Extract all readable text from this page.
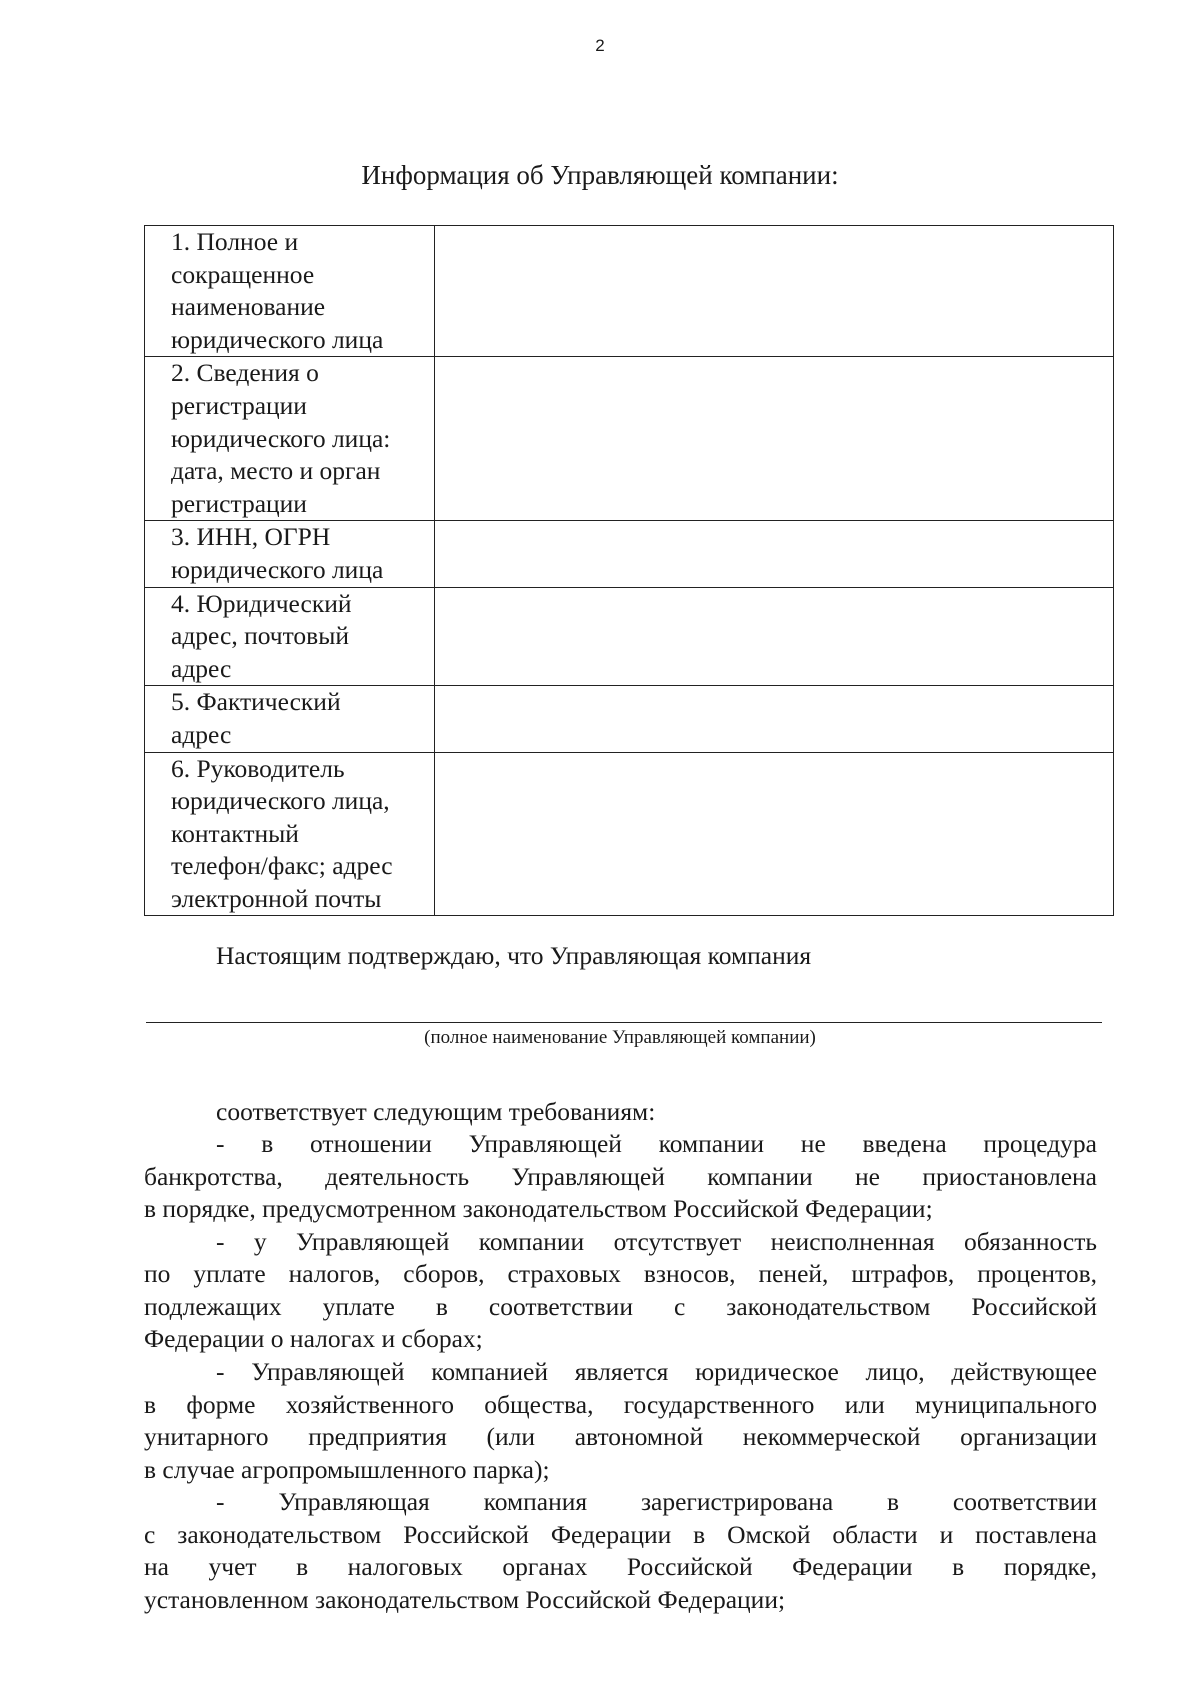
2
Информация об Управляющей компании:
1. Полное и
сокращенное
наименование
юридического лица	

2. Сведения о
регистрации
юридического лица:
дата, место и орган
регистрации	

3. ИНН, ОГРН
юридического лица	

4. Юридический
адрес, почтовый
адрес	

5. Фактический
адрес	

6. Руководитель
юридического лица,
контактный
телефон/факс; адрес
электронной почты	

Настоящим подтверждаю, что Управляющая компания

(полное наименование Управляющей компании)

соответствует следующим требованиям:

- в отношении Управляющей компании не введена процедура

банкротства, деятельность Управляющей компании не приостановлена

в порядке, предусмотренном законодательством Российской Федерации;

- у Управляющей компании отсутствует неисполненная обязанность

по уплате налогов, сборов, страховых взносов, пеней, штрафов, процентов,

подлежащих уплате в соответствии с законодательством Российской

Федерации о налогах и сборах;

- Управляющей компанией является юридическое лицо, действующее

в форме хозяйственного общества, государственного или муниципального

унитарного предприятия (или автономной некоммерческой организации

в случае агропромышленного парка);

- Управляющая компания зарегистрирована в соответствии

с законодательством Российской Федерации в Омской области и поставлена

на учет в налоговых органах Российской Федерации в порядке,

установленном законодательством Российской Федерации;
